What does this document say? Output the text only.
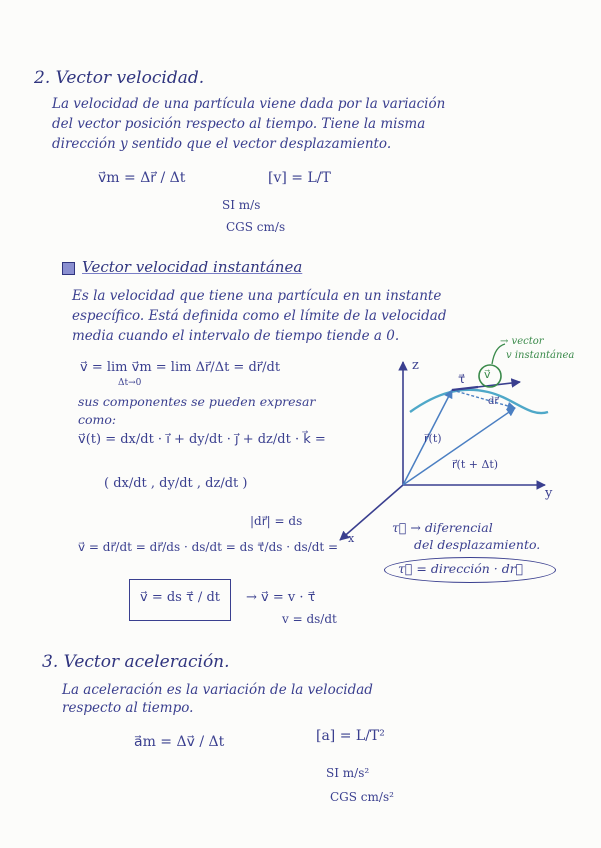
2. Vector velocidad.
La velocidad de una partícula viene dada por la variación
del vector posición respecto al tiempo. Tiene la misma
dirección y sentido que el vector desplazamiento.
v⃗m = Δr⃗ / Δt	[v] = L/T
SI m/s
CGS cm/s
Vector velocidad instantánea
Es la velocidad que tiene una partícula en un instante
específico. Está definida como el límite de la velocidad
media cuando el intervalo de tiempo tiende a 0.
v⃗ = lim v⃗m = lim Δr⃗/Δt = dr⃗/dt
Δt→0
sus componentes se pueden expresar
como:
v⃗(t) = dx/dt · i⃗ + dy/dt · j⃗ + dz/dt · k⃗ =
( dx/dt , dy/dt , dz/dt )
|dr⃗| = ds
v⃗ = dr⃗/dt = dr⃗/ds · ds/dt = ds τ⃗/ds · ds/dt =
v⃗ = ds τ⃗ / dt → v⃗ = v · τ⃗
v = ds/dt
z
y
x
τ⃗ v⃗
dr⃗
r⃗(t)
r⃗(t + Δt)
→ vector
v instantánea
τ⃗ → diferencial
del desplazamiento.
τ⃗ = dirección · dr⃗
3. Vector aceleración.
La aceleración es la variación de la velocidad
respecto al tiempo.
a⃗m = Δv⃗ / Δt	[a] = L/T²
SI m/s²
CGS cm/s²
